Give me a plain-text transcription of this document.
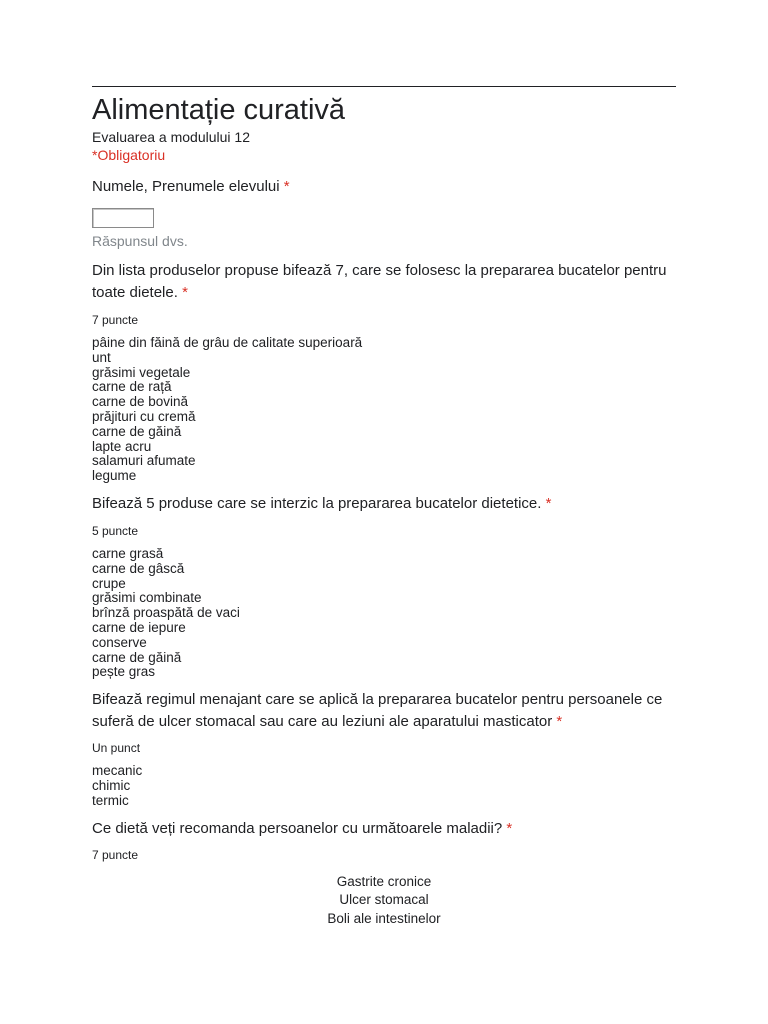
Alimentație curativă
Evaluarea a modulului 12
*Obligatoriu
Numele, Prenumele elevului *
Răspunsul dvs.
Din lista produselor propuse bifează 7, care se folosesc la prepararea bucatelor pentru toate dietele. *
7 puncte
pâine din făină de grâu de calitate superioară
unt
grăsimi vegetale
carne de rață
carne de bovină
prăjituri cu cremă
carne de găină
lapte acru
salamuri afumate
legume
Bifează 5 produse care se interzic la prepararea bucatelor dietetice. *
5 puncte
carne grasă
carne de gâscă
crupe
grăsimi combinate
brînză proaspătă de vaci
carne de iepure
conserve
carne de găină
pește gras
Bifează regimul menajant care se aplică la prepararea bucatelor pentru persoanele ce suferă de ulcer stomacal sau care au leziuni ale aparatului masticator *
Un punct
mecanic
chimic
termic
Ce dietă veți recomanda persoanelor cu următoarele maladii? *
7 puncte
Gastrite cronice
Ulcer stomacal
Boli ale intestinelor
